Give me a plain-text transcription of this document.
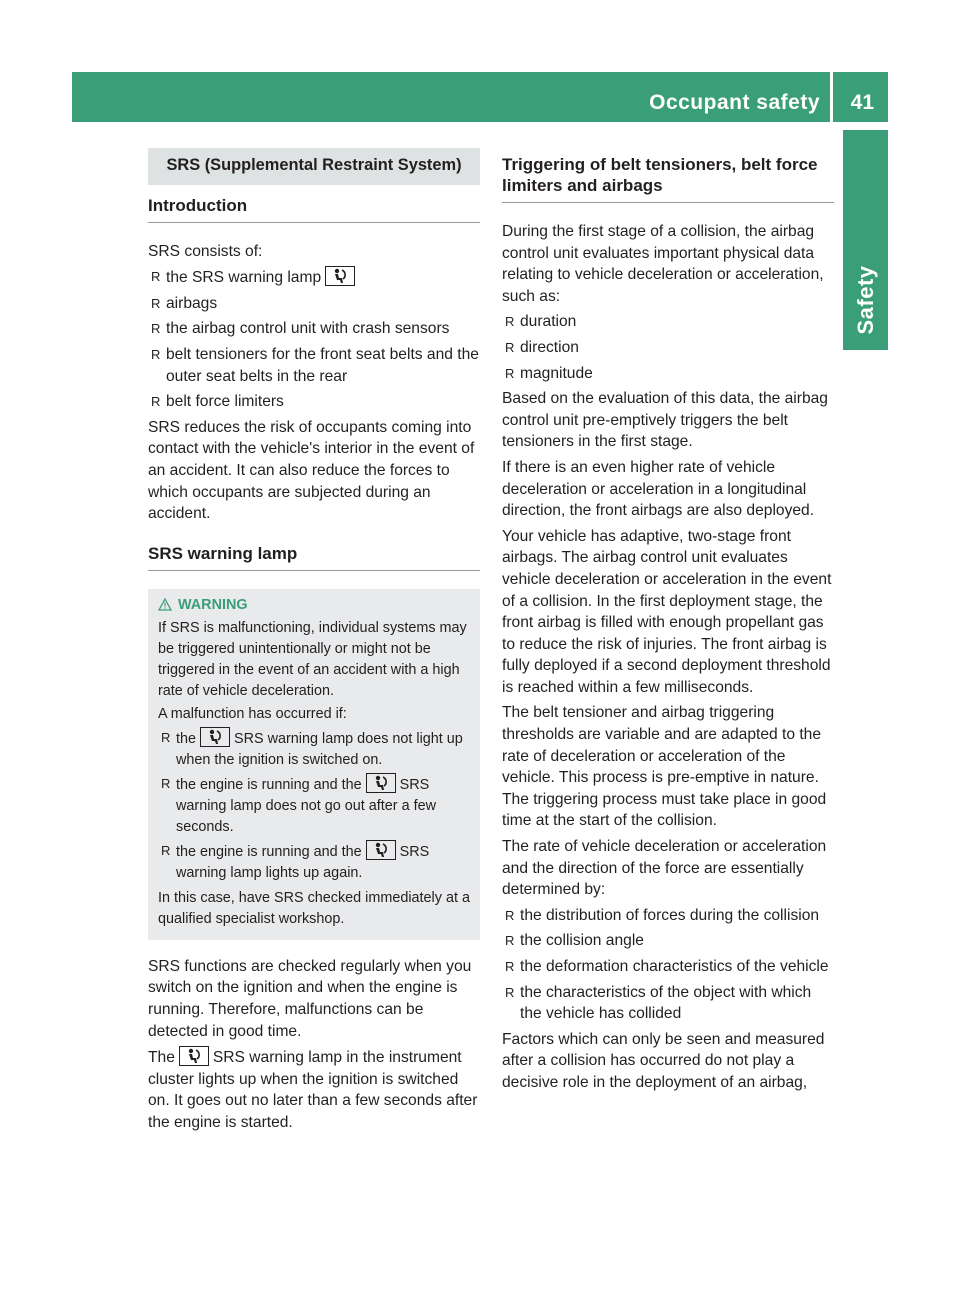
Occupant safety 41
Safety
SRS (Supplemental Restraint System)
Introduction

SRS consists of:

R the SRS warning lamp
R airbags
R the airbag control unit with crash sensors
R belt tensioners for the front seat belts and the outer seat belts in the rear
R belt force limiters

SRS reduces the risk of occupants coming into contact with the vehicle's interior in the event of an accident. It can also reduce the forces to which occupants are subjected during an accident.

SRS warning lamp
WARNING

If SRS is malfunctioning, individual systems may be triggered unintentionally or might not be triggered in the event of an accident with a high rate of vehicle deceleration.

A malfunction has occurred if:

R the	SRS warning lamp does not light up when the ignition is switched on.
R the engine is running and the	SRS warning lamp does not go out after a few seconds.
R the engine is running and the	SRS warning lamp lights up again.

In this case, have SRS checked immediately at a qualified specialist workshop.

SRS functions are checked regularly when you switch on the ignition and when the engine is running. Therefore, malfunctions can be detected in good time.

The SRS warning lamp in the instrument cluster lights up when the ignition is switched on. It goes out no later than a few seconds after the engine is started.

Triggering of belt tensioners, belt force limiters and airbags

During the first stage of a collision, the airbag control unit evaluates important physical data relating to vehicle deceleration or acceleration, such as:

R duration
R direction
R magnitude

Based on the evaluation of this data, the airbag control unit pre-emptively triggers the belt tensioners in the first stage.

If there is an even higher rate of vehicle deceleration or acceleration in a longitudinal direction, the front airbags are also deployed.

Your vehicle has adaptive, two-stage front airbags. The airbag control unit evaluates vehicle deceleration or acceleration in the event of a collision. In the first deployment stage, the front airbag is filled with enough propellant gas to reduce the risk of injuries. The front airbag is fully deployed if a second deployment threshold is reached within a few milliseconds.

The belt tensioner and airbag triggering thresholds are variable and are adapted to the rate of deceleration or acceleration of the vehicle. This process is pre-emptive in nature. The triggering process must take place in good time at the start of the collision.

The rate of vehicle deceleration or acceleration and the direction of the force are essentially determined by:

R the distribution of forces during the collision
R the collision angle
R the deformation characteristics of the vehicle
R the characteristics of the object with which the vehicle has collided

Factors which can only be seen and measured after a collision has occurred do not play a decisive role in the deployment of an airbag,
